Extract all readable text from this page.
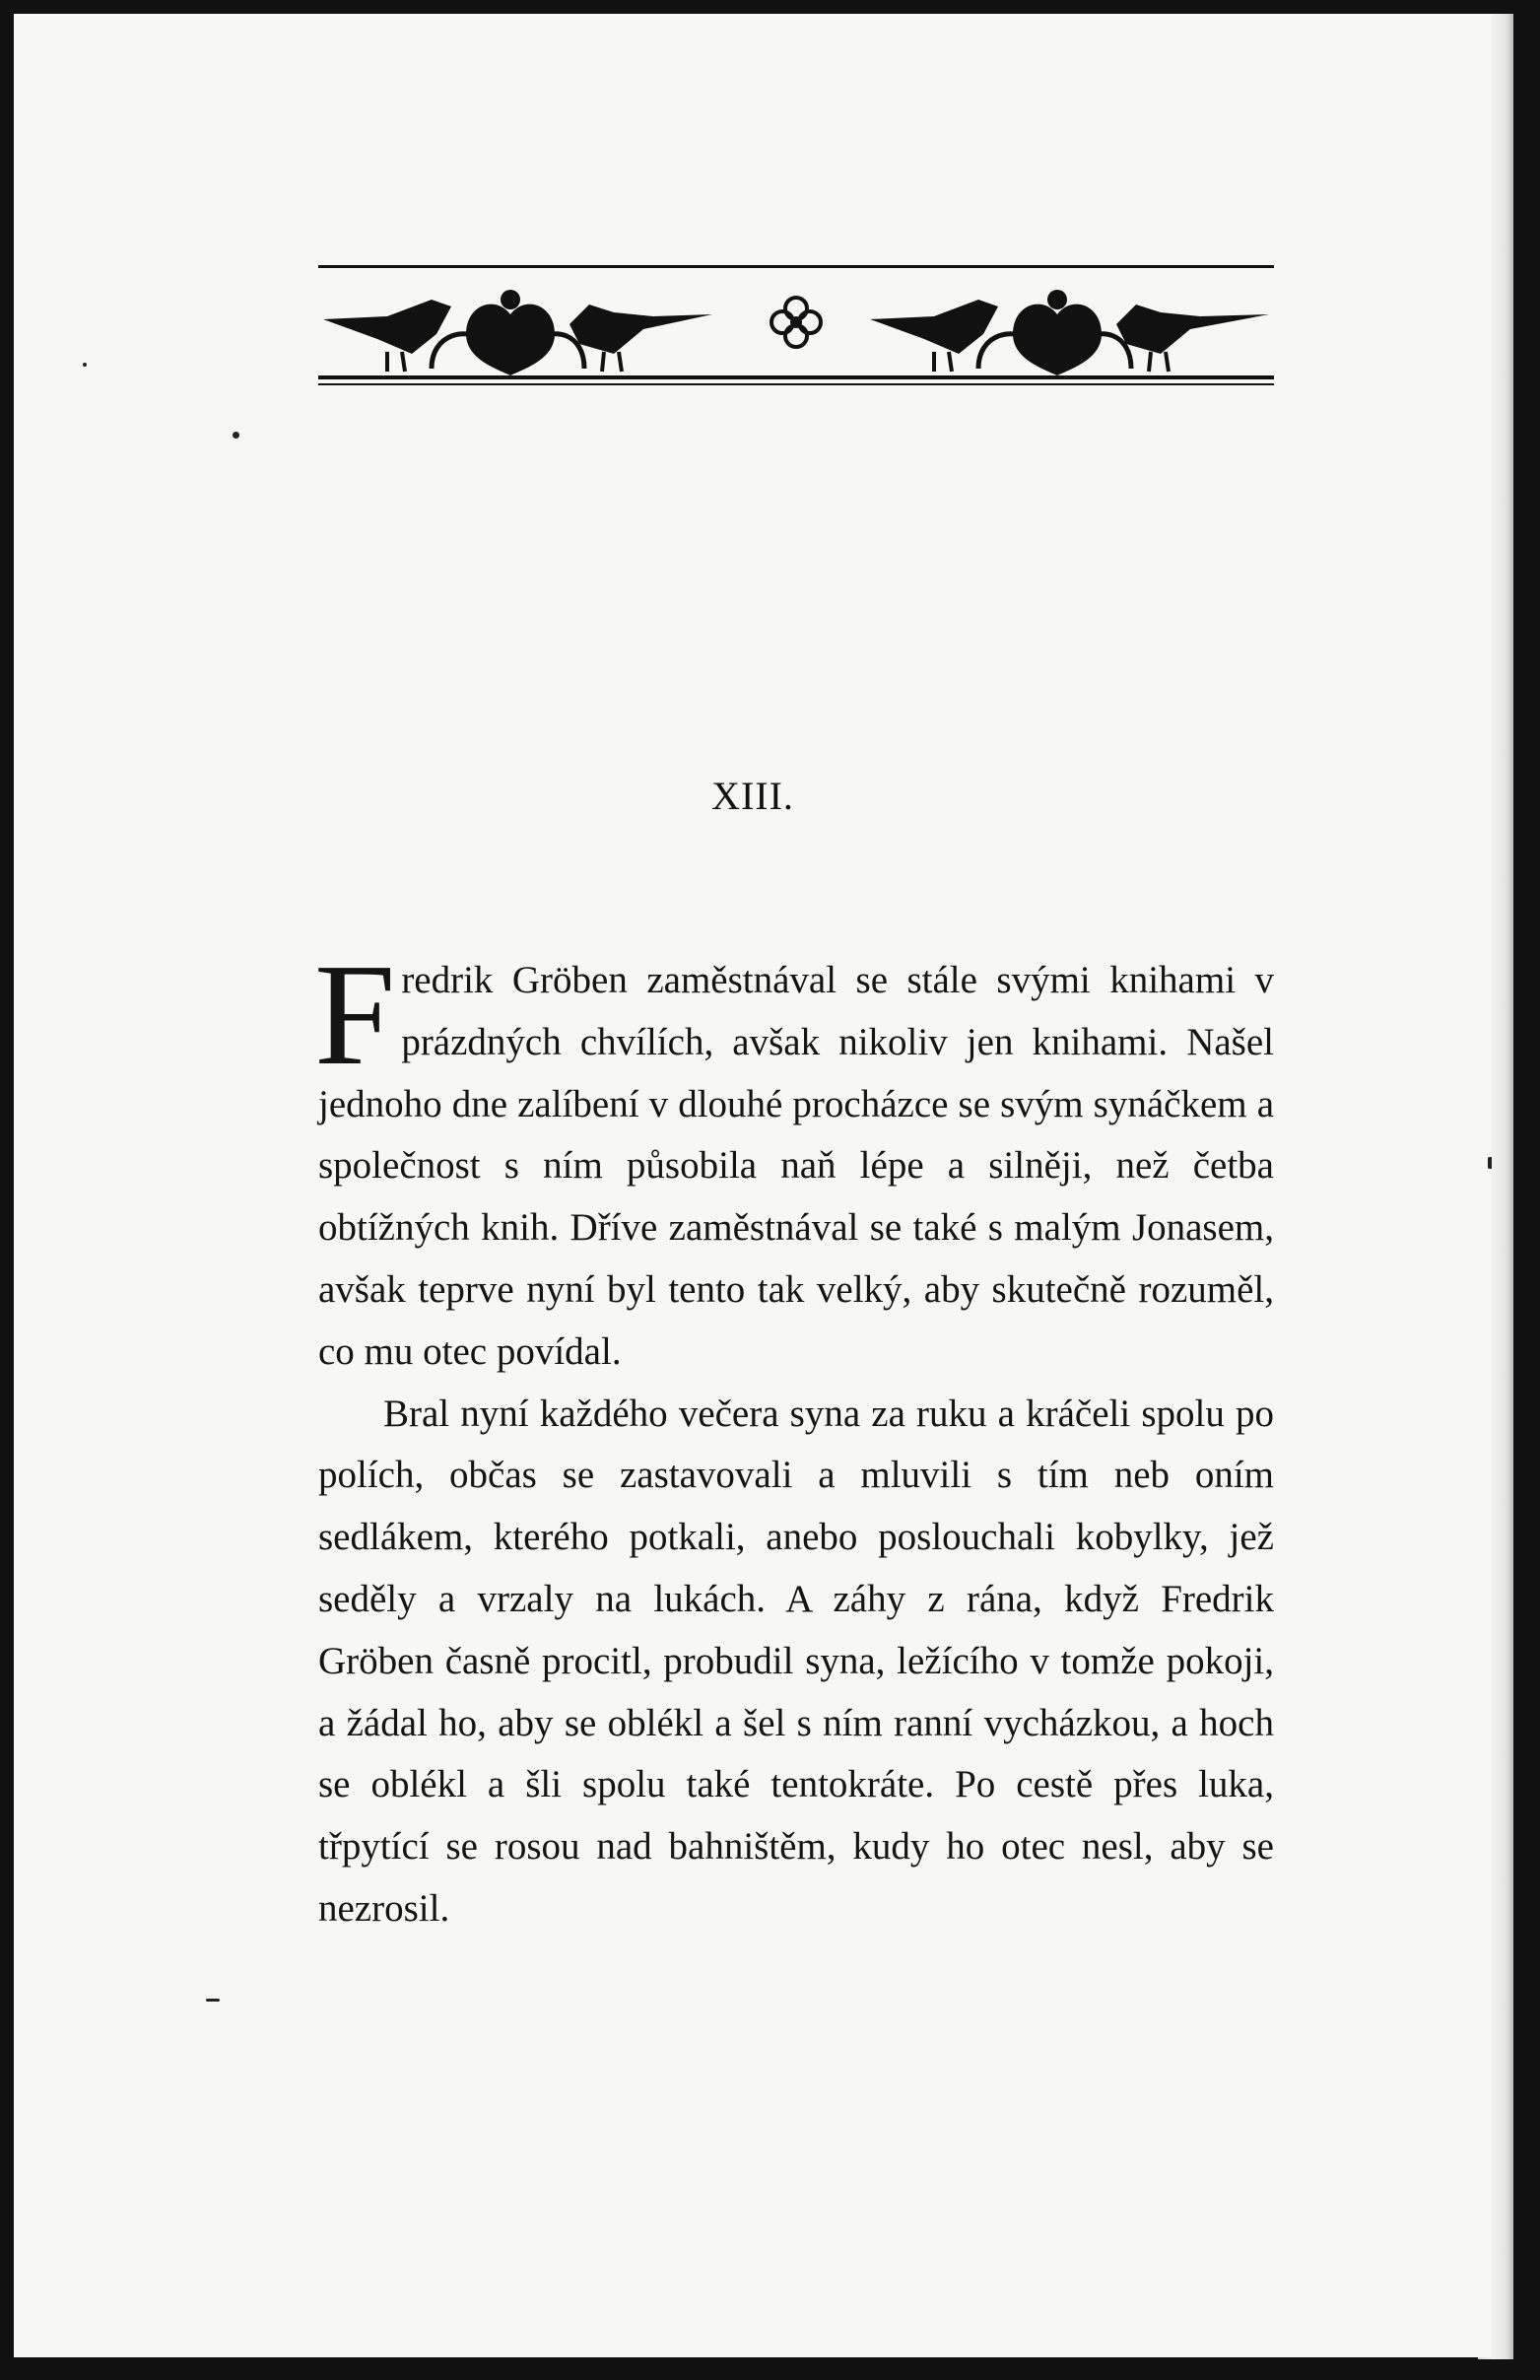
XIII.

Fredrik Gröben zaměstnával se stále svými knihami v prázdných chvílích, avšak nikoliv jen knihami. Našel jednoho dne zalíbení v dlouhé procházce se svým synáčkem a společnost s ním působila naň lépe a silněji, než četba obtížných knih. Dříve zaměstnával se také s malým Jonasem, avšak teprve nyní byl tento tak velký, aby skutečně rozuměl, co mu otec povídal.

Bral nyní každého večera syna za ruku a kráčeli spolu po polích, občas se zastavovali a mluvili s tím neb oním sedlákem, kterého potkali, anebo poslouchali kobylky, jež seděly a vrzaly na lukách. A záhy z rána, když Fredrik Gröben časně procitl, probudil syna, ležícího v tomže pokoji, a žádal ho, aby se oblékl a šel s ním ranní vycházkou, a hoch se oblékl a šli spolu také tentokráte. Po cestě přes luka, třpytící se rosou nad bahništěm, kudy ho otec nesl, aby se nezrosil.
